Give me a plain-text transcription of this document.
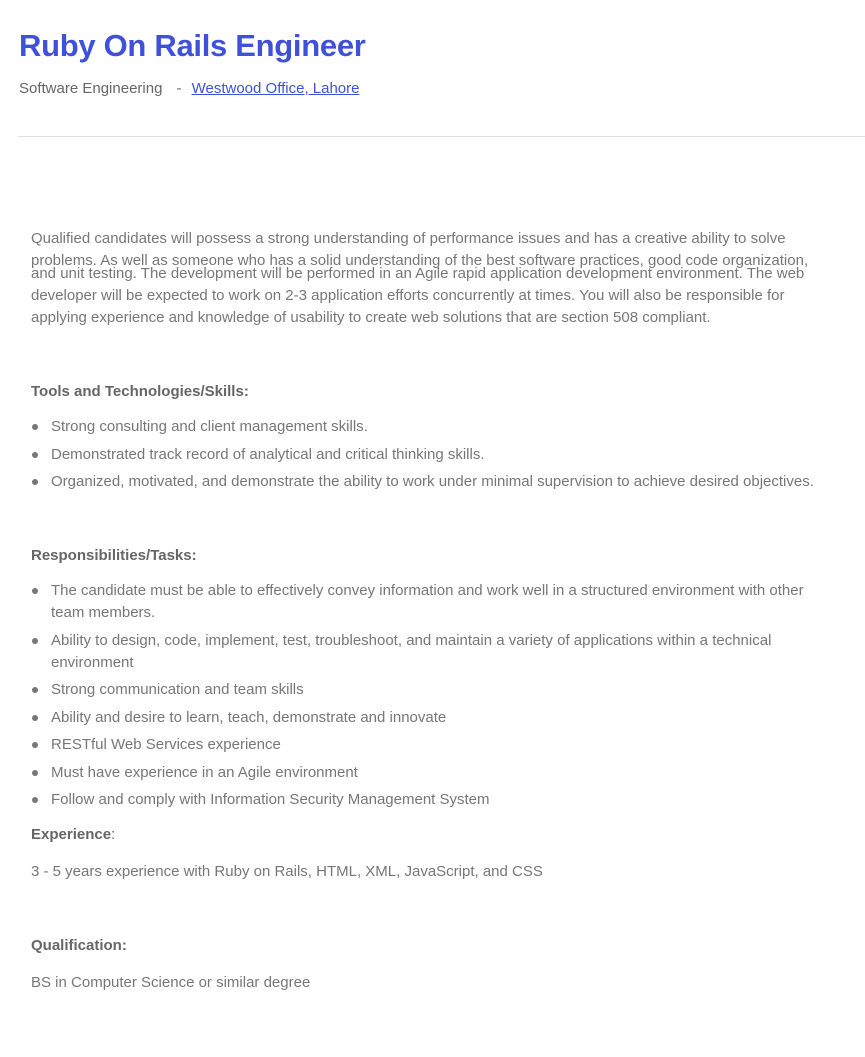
Ruby On Rails Engineer
Software Engineering - Westwood Office, Lahore

Qualified candidates will possess a strong understanding of performance issues and has a creative ability to solve
problems. As well as someone who has a solid understanding of the best software practices, good code organization,
and unit testing. The development will be performed in an Agile rapid application development environment. The web developer will be expected to work on 2-3 application efforts concurrently at times. You will also be responsible for applying experience and knowledge of usability to create web solutions that are section 508 compliant.

Tools and Technologies/Skills:

Strong consulting and client management skills.
Demonstrated track record of analytical and critical thinking skills.
Organized, motivated, and demonstrate the ability to work under minimal supervision to achieve desired objectives.

Responsibilities/Tasks:

The candidate must be able to effectively convey information and work well in a structured environment with other team members.
Ability to design, code, implement, test, troubleshoot, and maintain a variety of applications within a technical environment
Strong communication and team skills
Ability and desire to learn, teach, demonstrate and innovate
RESTful Web Services experience
Must have experience in an Agile environment
Follow and comply with Information Security Management System

Experience:

3 - 5 years experience with Ruby on Rails, HTML, XML, JavaScript, and CSS

Qualification:

BS in Computer Science or similar degree
